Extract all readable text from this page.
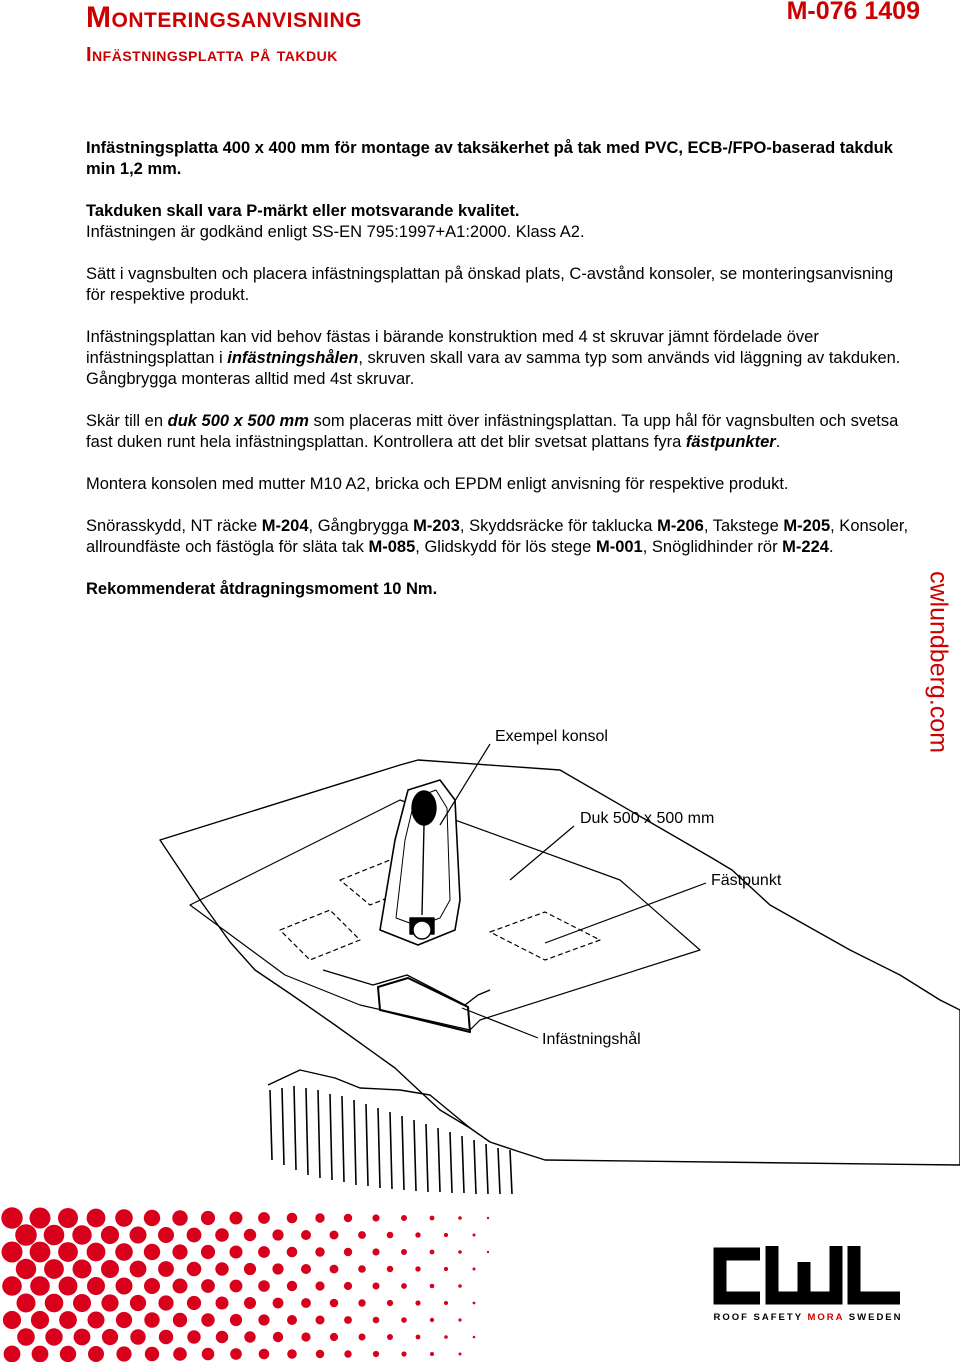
Monteringsanvisning
Infästningsplatta på takduk
M-076 1409

Infästningsplatta 400 x 400 mm för montage av taksäkerhet på tak med PVC, ECB-/FPO-baserad takduk min 1,2 mm.

Takduken skall vara P-märkt eller motsvarande kvalitet.
Infästningen är godkänd enligt SS-EN 795:1997+A1:2000. Klass A2.

Sätt i vagnsbulten och placera infästningsplattan på önskad plats, C-avstånd konsoler, se monteringsanvisning för respektive produkt.

Infästningsplattan kan vid behov fästas i bärande konstruktion med 4 st skruvar jämnt fördelade över infästningsplattan i infästningshålen, skruven skall vara av samma typ som används vid läggning av takduken. Gångbrygga monteras alltid med 4st skruvar.

Skär till en duk 500 x 500 mm som placeras mitt över infästningsplattan. Ta upp hål för vagnsbulten och svetsa fast duken runt hela infästningsplattan. Kontrollera att det blir svetsat plattans fyra fästpunkter.

Montera konsolen med mutter M10 A2, bricka och EPDM enligt anvisning för respektive produkt.

Snörasskydd, NT räcke M-204, Gångbrygga M-203, Skyddsräcke för taklucka M-206, Takstege M-205, Konsoler, allroundfäste och fästögla för släta tak M-085, Glidskydd för lös stege M-001, Snöglidhinder rör M-224.

Rekommenderat åtdragningsmoment 10 Nm.	cwlundberg.com
Exempel konsol
Duk 500 x 500 mm
Fästpunkt
Infästningshål
ROOF SAFETY MORA SWEDEN
